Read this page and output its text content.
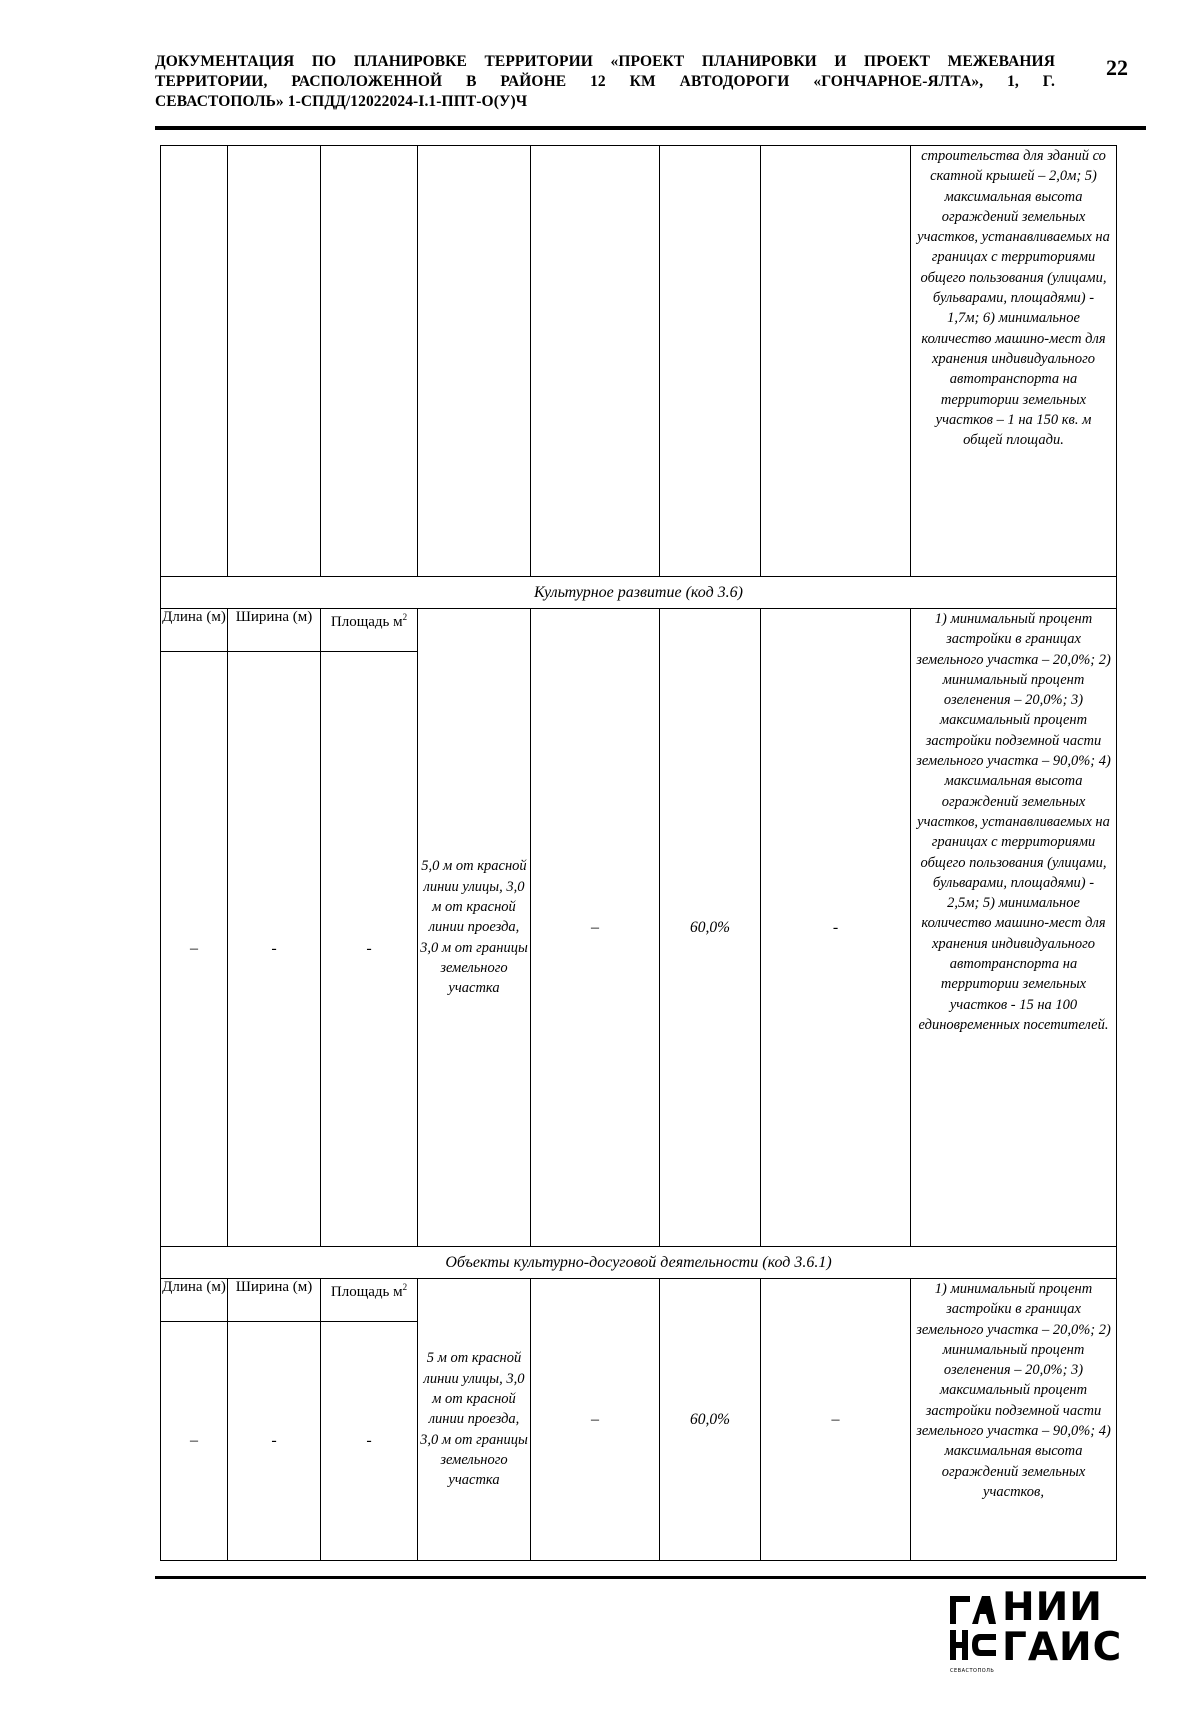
ДОКУМЕНТАЦИЯ ПО ПЛАНИРОВКЕ ТЕРРИТОРИИ «ПРОЕКТ ПЛАНИРОВКИ И ПРОЕКТ МЕЖЕВАНИЯ
ТЕРРИТОРИИ, РАСПОЛОЖЕННОЙ В РАЙОНЕ 12 КМ АВТОДОРОГИ «ГОНЧАРНОЕ-ЯЛТА», 1, Г.
СЕВАСТОПОЛЬ» 1-СПДД/12022024-I.1-ППТ-О(У)Ч
22
							строительства для зданий со скатной крышей – 2,0м; 5) максимальная высота ограждений земельных участков, устанавливаемых на границах с территориями общего пользования (улицами, бульварами, площадями) - 1,7м; 6) минимальное количество машино-мест для хранения индивидуального автотранспорта на территории земельных участков – 1 на 150 кв. м общей площади.
Культурное развитие (код 3.6)							
Длина (м)	Ширина (м)	Площадь $м^2$	5,0 м от красной линии улицы, 3,0 м от красной линии проезда, 3,0 м от границы земельного участка	–	60,0%	-	1) минимальный процент застройки в границах земельного участка – 20,0%; 2) минимальный процент озеленения – 20,0%; 3) максимальный процент застройки подземной части земельного участка – 90,0%; 4) максимальная высота ограждений земельных участков, устанавливаемых на границах с территориями общего пользования (улицами, бульварами, площадями) - 2,5м; 5) минимальное количество машино-мест для хранения индивидуального автотранспорта на территории земельных участков - 15 на 100 единовременных посетителей.
–	-	-					
Объекты культурно-досуговой деятельности (код 3.6.1)							
Длина (м)	Ширина (м)	Площадь $м^2$	5 м от красной линии улицы, 3,0 м от красной линии проезда, 3,0 м от границы земельного участка	–	60,0%	–	1) минимальный процент застройки в границах земельного участка – 20,0%; 2) минимальный процент озеленения – 20,0%; 3) максимальный процент застройки подземной части земельного участка – 90,0%; 4) максимальная высота ограждений земельных участков,
–	-	-					
НИИ
ГАИС
СЕВАСТОПОЛЬ
